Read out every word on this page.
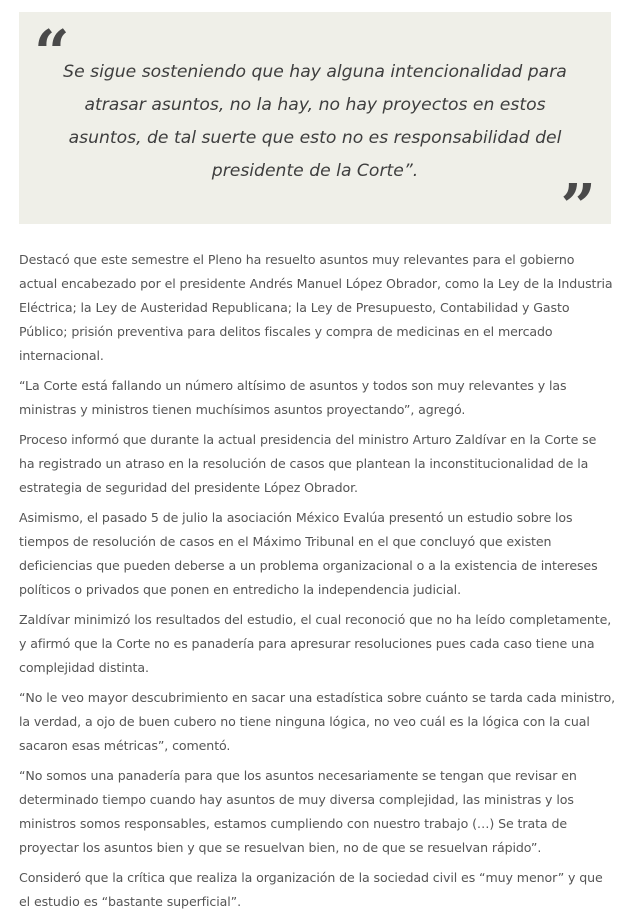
“

Se sigue sosteniendo que hay alguna intencionalidad para atrasar asuntos, no la hay, no hay proyectos en estos asuntos, de tal suerte que esto no es responsabilidad del presidente de la Corte”.	”

Destacó que este semestre el Pleno ha resuelto asuntos muy relevantes para el gobierno actual encabezado por el presidente Andrés Manuel López Obrador, como la Ley de la Industria Eléctrica; la Ley de Austeridad Republicana; la Ley de Presupuesto, Contabilidad y Gasto Público; prisión preventiva para delitos fiscales y compra de medicinas en el mercado internacional.

“La Corte está fallando un número altísimo de asuntos y todos son muy relevantes y las ministras y ministros tienen muchísimos asuntos proyectando”, agregó.

Proceso informó que durante la actual presidencia del ministro Arturo Zaldívar en la Corte se ha registrado un atraso en la resolución de casos que plantean la inconstitucionalidad de la estrategia de seguridad del presidente López Obrador.

Asimismo, el pasado 5 de julio la asociación México Evalúa presentó un estudio sobre los tiempos de resolución de casos en el Máximo Tribunal en el que concluyó que existen deficiencias que pueden deberse a un problema organizacional o a la existencia de intereses políticos o privados que ponen en entredicho la independencia judicial.

Zaldívar minimizó los resultados del estudio, el cual reconoció que no ha leído completamente, y afirmó que la Corte no es panadería para apresurar resoluciones pues cada caso tiene una complejidad distinta.

“No le veo mayor descubrimiento en sacar una estadística sobre cuánto se tarda cada ministro, la verdad, a ojo de buen cubero no tiene ninguna lógica, no veo cuál es la lógica con la cual sacaron esas métricas”, comentó.

“No somos una panadería para que los asuntos necesariamente se tengan que revisar en determinado tiempo cuando hay asuntos de muy diversa complejidad, las ministras y los ministros somos responsables, estamos cumpliendo con nuestro trabajo (…) Se trata de proyectar los asuntos bien y que se resuelvan bien, no de que se resuelvan rápido”.

Consideró que la crítica que realiza la organización de la sociedad civil es “muy menor” y que el estudio es “bastante superficial”.
